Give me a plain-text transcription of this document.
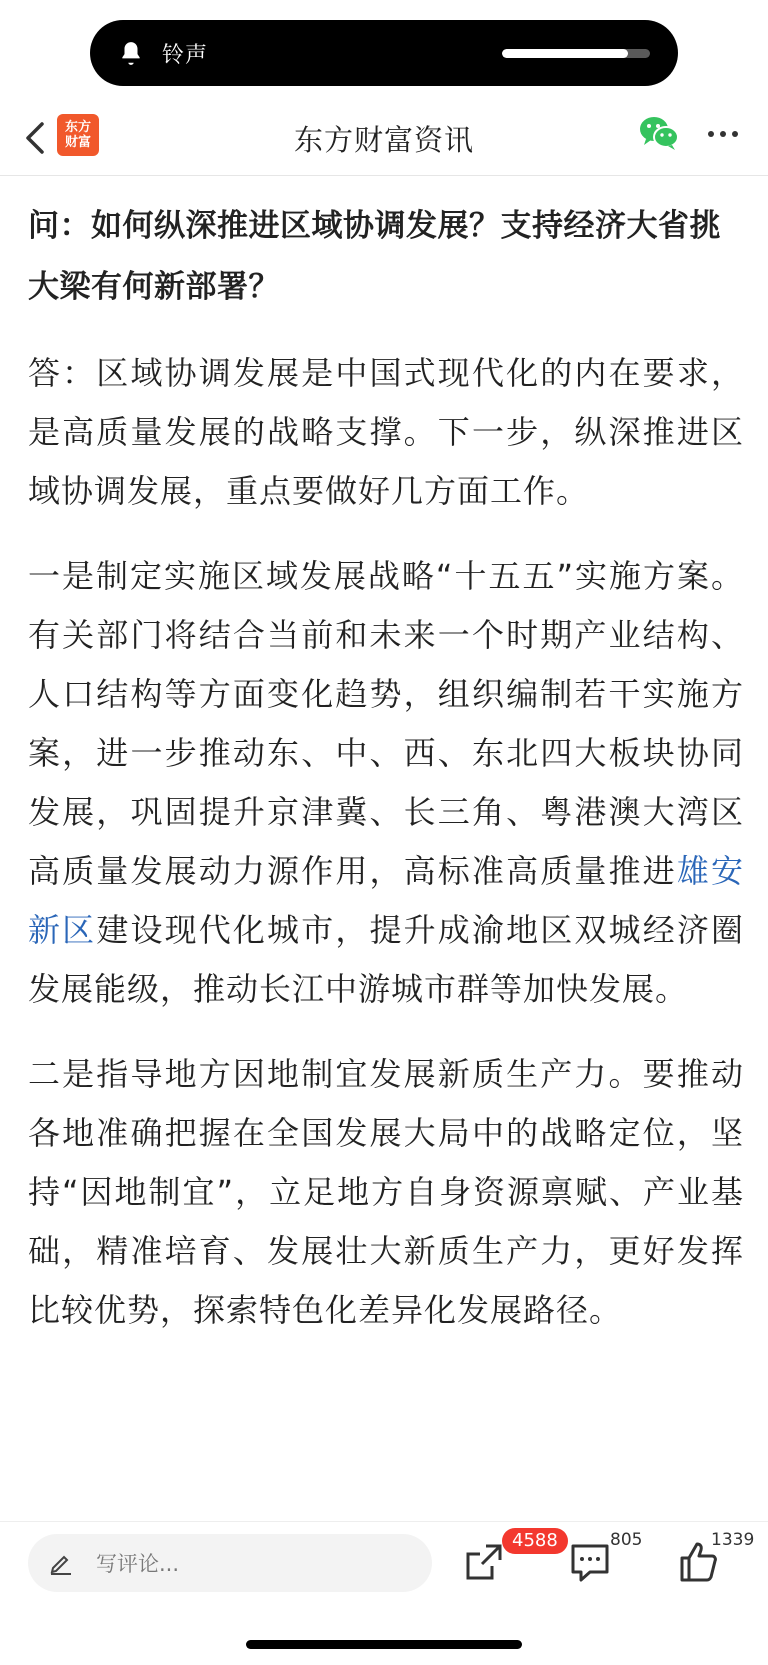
铃声
东方
财富	东方财富资讯
问：如何纵深推进区域协调发展？支持经济大省挑大梁有何新部署？
答：区域协调发展是中国式现代化的内在要求，是高质量发展的战略支撑。下一步，纵深推进区域协调发展，重点要做好几方面工作。
一是制定实施区域发展战略“十五五”实施方案。有关部门将结合当前和未来一个时期产业结构、人口结构等方面变化趋势，组织编制若干实施方案，进一步推动东、中、西、东北四大板块协同发展，巩固提升京津冀、长三角、粤港澳大湾区高质量发展动力源作用，高标准高质量推进雄安新区建设现代化城市，提升成渝地区双城经济圈发展能级，推动长江中游城市群等加快发展。
二是指导地方因地制宜发展新质生产力。要推动各地准确把握在全国发展大局中的战略定位，坚持“因地制宜”，立足地方自身资源禀赋、产业基础，精准培育、发展壮大新质生产力，更好发挥比较优势，探索特色化差异化发展路径。
写评论...
4588	805	1339
